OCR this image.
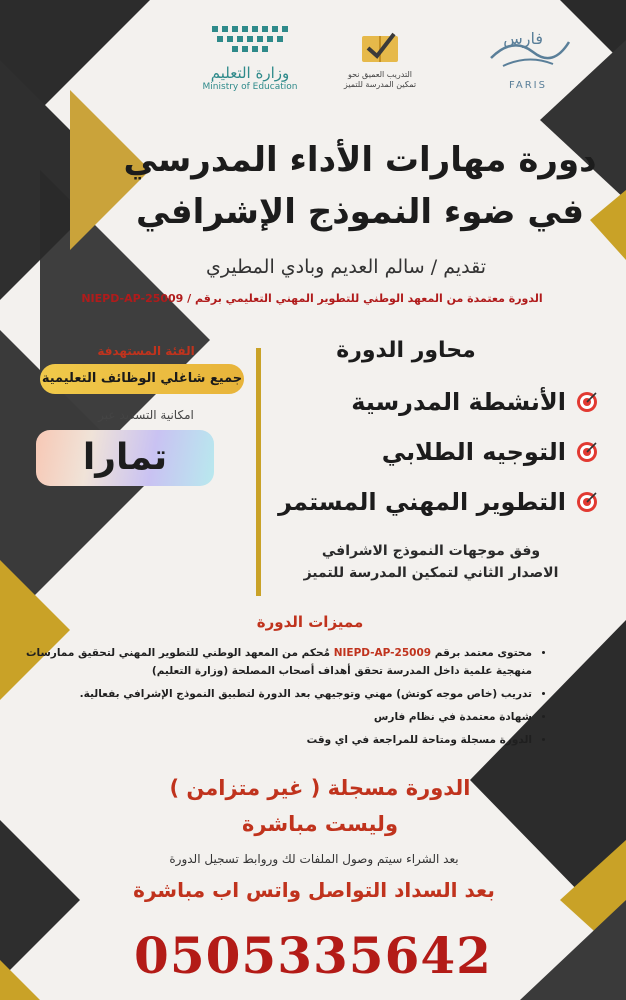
وزارة التعليم
Ministry of Education
التدريب العميق نحو
تمكين المدرسة للتميز
فارس
FARIS
دورة مهارات الأداء المدرسي
في ضوء النموذج الإشرافي
تقديم / سالم العديم وبادي المطيري
الدورة معتمدة من المعهد الوطني للتطوير المهني التعليمي برقم / NIEPD-AP-25009
الفئة المستهدفة
جميع شاغلي الوظائف التعليمية
امكانية التسديد عبر
تمارا
محاور الدورة
الأنشطة المدرسية
التوجيه الطلابي
التطوير المهني المستمر
وفق موجهات النموذج الاشرافي
الاصدار الثاني لتمكين المدرسة للتميز
مميزات الدورة
• محتوى معتمد برقم NIEPD-AP-25009 مُحكم من المعهد الوطني للتطوير المهني لتحقيق ممارسات منهجية علمية داخل المدرسة تحقق أهداف أصحاب المصلحة (وزارة التعليم)
• تدريب (خاص موجه كوتش) مهني وتوجيهي بعد الدورة لتطبيق النموذج الإشرافي بفعالية.
• شهادة معتمدة في نظام فارس
• الدورة مسجلة ومتاحة للمراجعة في اي وقت
الدورة مسجلة ( غير متزامن )
وليست مباشرة
بعد الشراء سيتم وصول الملفات لك وروابط تسجيل الدورة
بعد السداد التواصل واتس اب مباشرة
0505335642
